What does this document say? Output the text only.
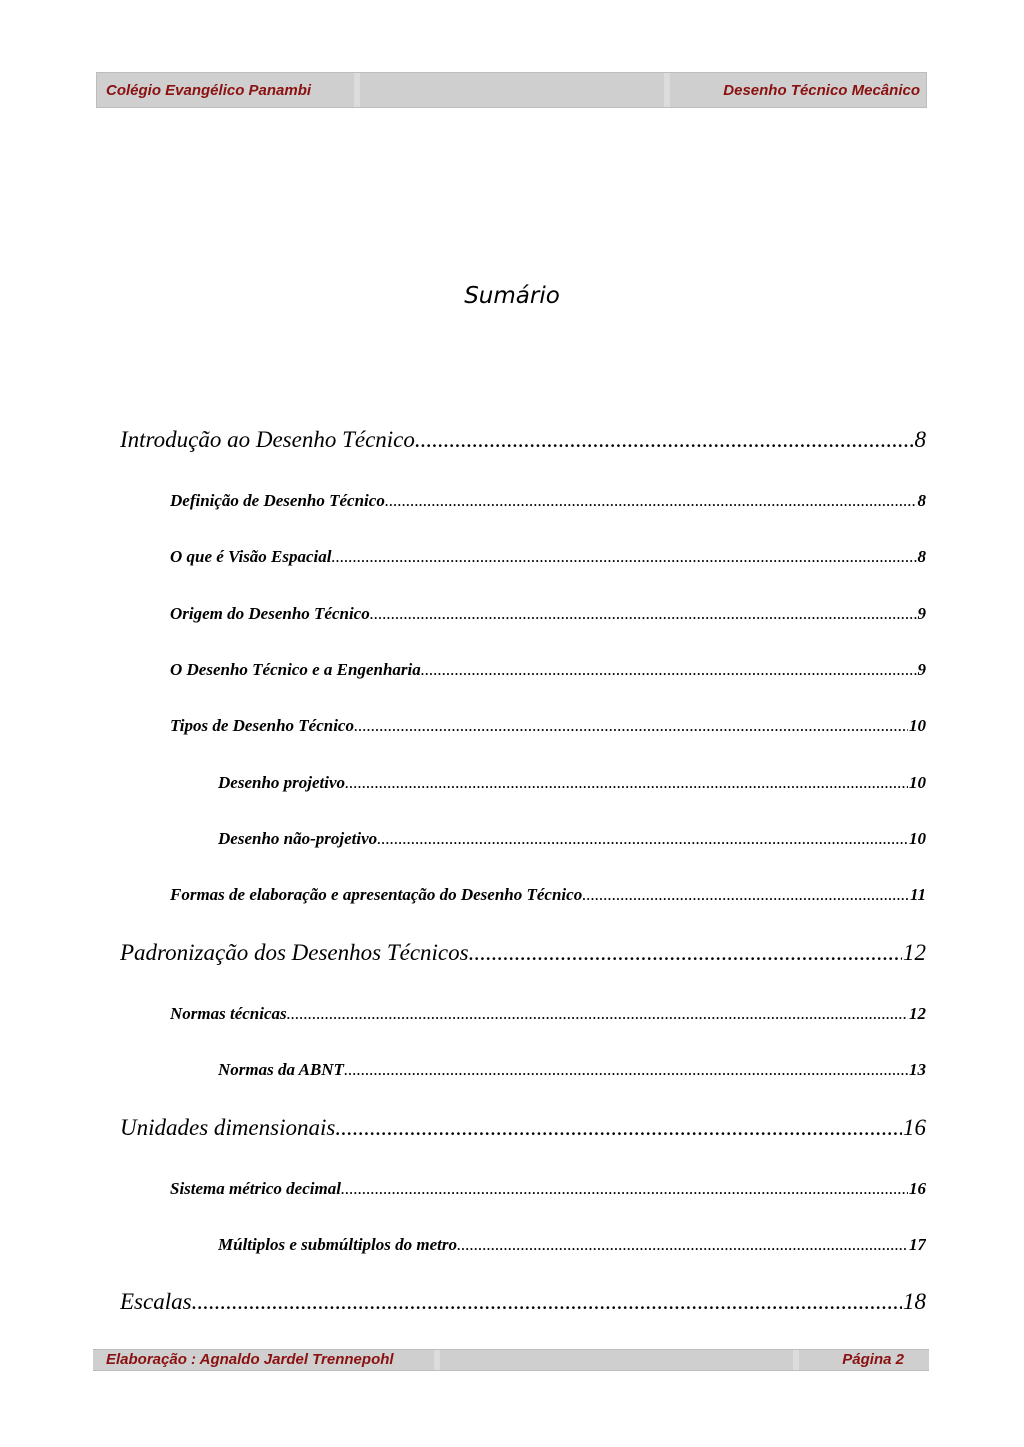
Colégio Evangélico Panambi	Desenho Técnico Mecânico
Sumário
Introdução ao Desenho Técnico .....	8
Definição de Desenho Técnico .....	8
O que é Visão Espacial .....	8
Origem do Desenho Técnico .....	9
O Desenho Técnico e a Engenharia .....	9
Tipos de Desenho Técnico .....	10
Desenho projetivo .....	10
Desenho não-projetivo .....	10
Formas de elaboração e apresentação do Desenho Técnico .....	11
Padronização dos Desenhos Técnicos .....	12
Normas técnicas .....	12
Normas da ABNT .....	13
Unidades dimensionais .....	16
Sistema métrico decimal .....	16
Múltiplos e submúltiplos do metro .....	17
Escalas .....	18
Elaboração : Agnaldo Jardel Trennepohl	Página 2
